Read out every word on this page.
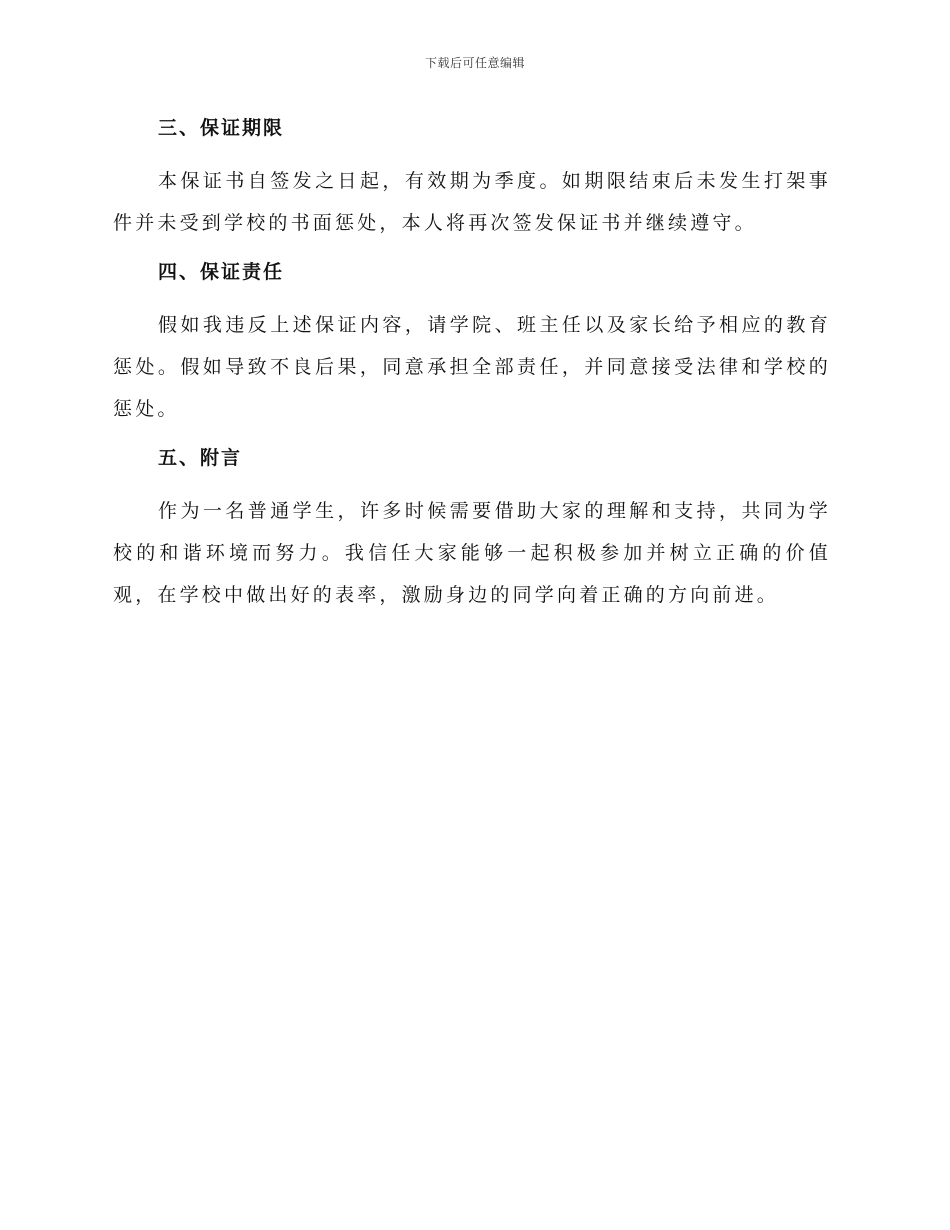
下载后可任意编辑
三、保证期限

本保证书自签发之日起，有效期为季度。如期限结束后未发生打架事件并未受到学校的书面惩处，本人将再次签发保证书并继续遵守。

四、保证责任

假如我违反上述保证内容，请学院、班主任以及家长给予相应的教育惩处。假如导致不良后果，同意承担全部责任，并同意接受法律和学校的惩处。

五、附言

作为一名普通学生，许多时候需要借助大家的理解和支持，共同为学校的和谐环境而努力。我信任大家能够一起积极参加并树立正确的价值观，在学校中做出好的表率，激励身边的同学向着正确的方向前进。
